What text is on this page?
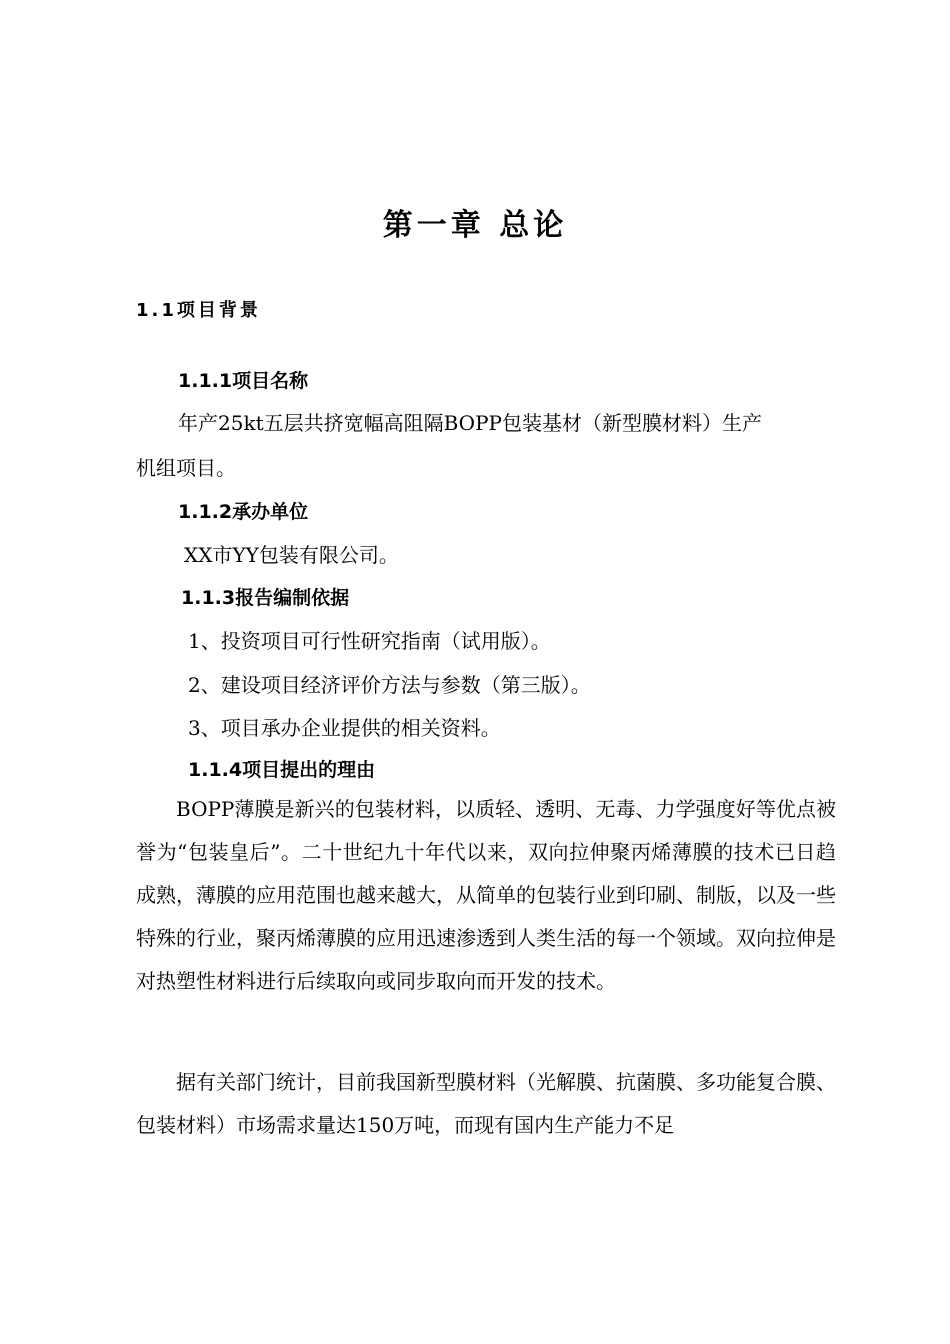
第一章 总论
1.1项目背景
1.1.1项目名称
年产25kt五层共挤宽幅高阻隔BOPP包装基材（新型膜材料）生产
机组项目。
1.1.2承办单位
XX市YY包装有限公司。
1.1.3报告编制依据
1、投资项目可行性研究指南（试用版）。
2、建设项目经济评价方法与参数（第三版）。
3、项目承办企业提供的相关资料。
1.1.4项目提出的理由
BOPP薄膜是新兴的包装材料，以质轻、透明、无毒、力学强度好等优点被誉为“包装皇后”。二十世纪九十年代以来，双向拉伸聚丙烯薄膜的技术已日趋成熟，薄膜的应用范围也越来越大，从简单的包装行业到印刷、制版，以及一些特殊的行业，聚丙烯薄膜的应用迅速渗透到人类生活的每一个领域。双向拉伸是对热塑性材料进行后续取向或同步取向而开发的技术。
据有关部门统计，目前我国新型膜材料（光解膜、抗菌膜、多功能复合膜、包装材料）市场需求量达150万吨，而现有国内生产能力不足
